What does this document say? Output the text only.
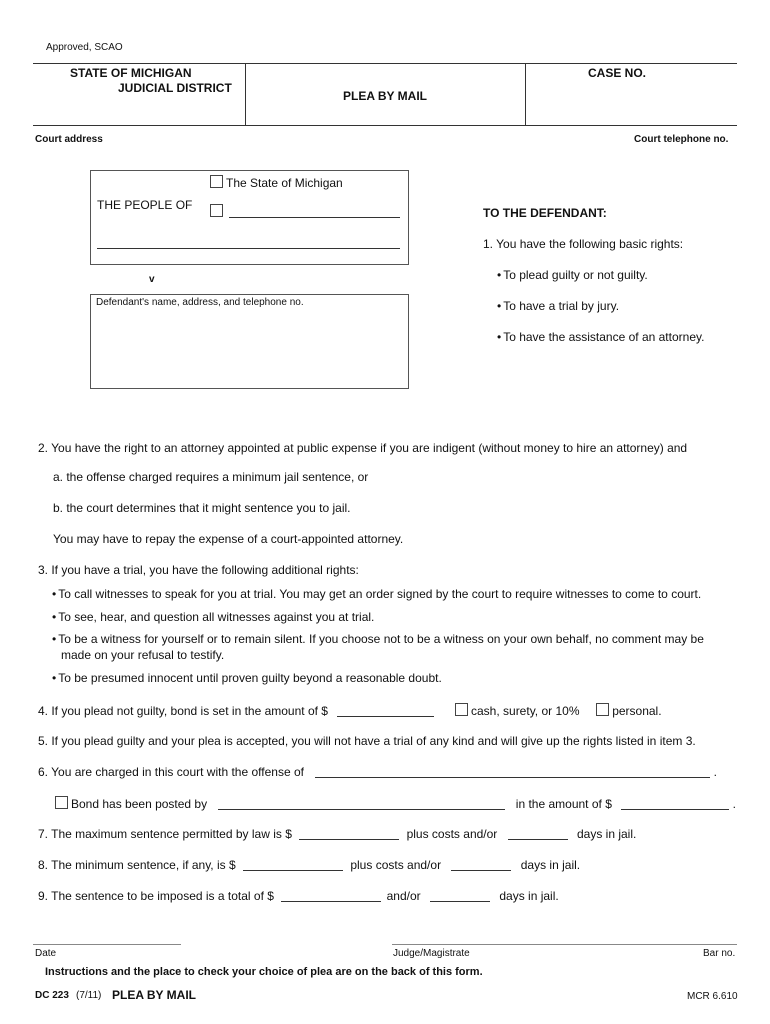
Approved, SCAO
STATE OF MICHIGAN
JUDICIAL DISTRICT
PLEA BY MAIL
CASE NO.
Court address	Court telephone no.
The State of Michigan
THE PEOPLE OF
v
Defendant's name, address, and telephone no.
TO THE DEFENDANT:
1. You have the following basic rights:
• To plead guilty or not guilty.
• To have a trial by jury.
• To have the assistance of an attorney.
2. You have the right to an attorney appointed at public expense if you are indigent (without money to hire an attorney) and
a. the offense charged requires a minimum jail sentence, or
b. the court determines that it might sentence you to jail.
You may have to repay the expense of a court-appointed attorney.
3. If you have a trial, you have the following additional rights:
• To call witnesses to speak for you at trial. You may get an order signed by the court to require witnesses to come to court.
• To see, hear, and question all witnesses against you at trial.
• To be a witness for yourself or to remain silent. If you choose not to be a witness on your own behalf, no comment may be
made on your refusal to testify.
• To be presumed innocent until proven guilty beyond a reasonable doubt.
4. If you plead not guilty, bond is set in the amount of $	cash, surety, or 10%	personal.
5. If you plead guilty and your plea is accepted, you will not have a trial of any kind and will give up the rights listed in item 3.
6. You are charged in this court with the offense of	.
Bond has been posted by	in the amount of $	.
7. The maximum sentence permitted by law is $	plus costs and/or	days in jail.
8. The minimum sentence, if any, is $	plus costs and/or	days in jail.
9. The sentence to be imposed is a total of $	and/or	days in jail.
Date	Judge/Magistrate	Bar no.
Instructions and the place to check your choice of plea are on the back of this form.
DC 223 (7/11) PLEA BY MAIL	MCR 6.610
